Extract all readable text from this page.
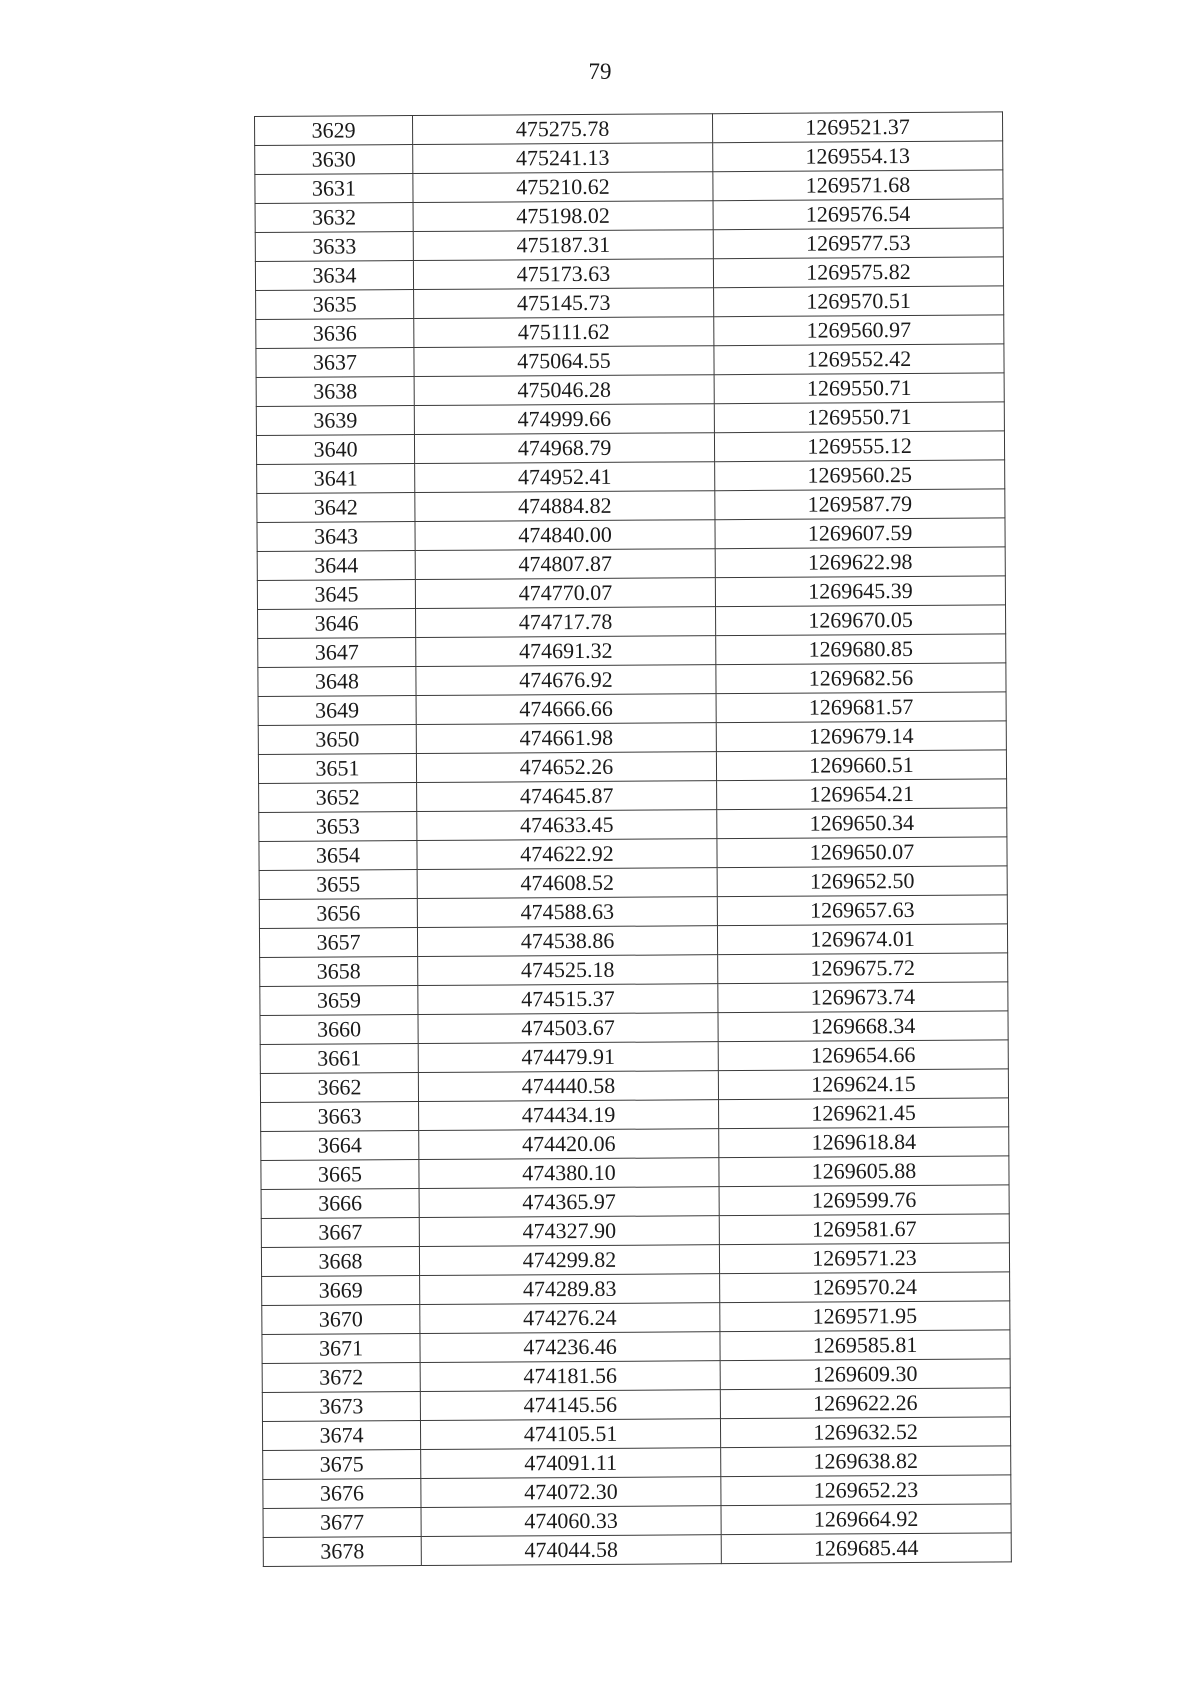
79
3629	475275.78	1269521.37
3630	475241.13	1269554.13
3631	475210.62	1269571.68
3632	475198.02	1269576.54
3633	475187.31	1269577.53
3634	475173.63	1269575.82
3635	475145.73	1269570.51
3636	475111.62	1269560.97
3637	475064.55	1269552.42
3638	475046.28	1269550.71
3639	474999.66	1269550.71
3640	474968.79	1269555.12
3641	474952.41	1269560.25
3642	474884.82	1269587.79
3643	474840.00	1269607.59
3644	474807.87	1269622.98
3645	474770.07	1269645.39
3646	474717.78	1269670.05
3647	474691.32	1269680.85
3648	474676.92	1269682.56
3649	474666.66	1269681.57
3650	474661.98	1269679.14
3651	474652.26	1269660.51
3652	474645.87	1269654.21
3653	474633.45	1269650.34
3654	474622.92	1269650.07
3655	474608.52	1269652.50
3656	474588.63	1269657.63
3657	474538.86	1269674.01
3658	474525.18	1269675.72
3659	474515.37	1269673.74
3660	474503.67	1269668.34
3661	474479.91	1269654.66
3662	474440.58	1269624.15
3663	474434.19	1269621.45
3664	474420.06	1269618.84
3665	474380.10	1269605.88
3666	474365.97	1269599.76
3667	474327.90	1269581.67
3668	474299.82	1269571.23
3669	474289.83	1269570.24
3670	474276.24	1269571.95
3671	474236.46	1269585.81
3672	474181.56	1269609.30
3673	474145.56	1269622.26
3674	474105.51	1269632.52
3675	474091.11	1269638.82
3676	474072.30	1269652.23
3677	474060.33	1269664.92
3678	474044.58	1269685.44
